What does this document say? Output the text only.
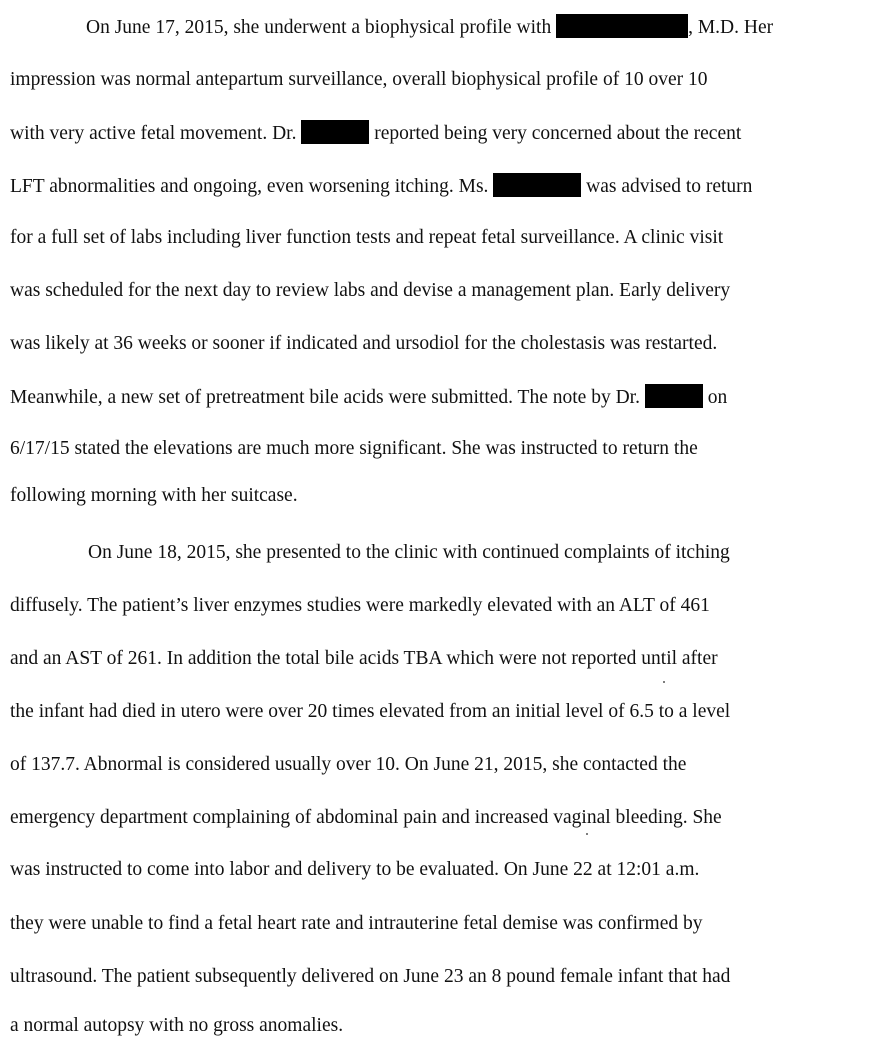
On June 17, 2015, she underwent a biophysical profile with	, M.D. Her
impression was normal antepartum surveillance, overall biophysical profile of 10 over 10
with very active fetal movement. Dr.	reported being very concerned about the recent
LFT abnormalities and ongoing, even worsening itching. Ms.	was advised to return
for a full set of labs including liver function tests and repeat fetal surveillance. A clinic visit
was scheduled for the next day to review labs and devise a management plan. Early delivery
was likely at 36 weeks or sooner if indicated and ursodiol for the cholestasis was restarted.
Meanwhile, a new set of pretreatment bile acids were submitted. The note by Dr.	on
6/17/15 stated the elevations are much more significant. She was instructed to return the
following morning with her suitcase.
On June 18, 2015, she presented to the clinic with continued complaints of itching
diffusely. The patient’s liver enzymes studies were markedly elevated with an ALT of 461
and an AST of 261. In addition the total bile acids TBA which were not reported until after
the infant had died in utero were over 20 times elevated from an initial level of 6.5 to a level
of 137.7. Abnormal is considered usually over 10. On June 21, 2015, she contacted the
emergency department complaining of abdominal pain and increased vaginal bleeding. She
was instructed to come into labor and delivery to be evaluated. On June 22 at 12:01 a.m.
they were unable to find a fetal heart rate and intrauterine fetal demise was confirmed by
ultrasound. The patient subsequently delivered on June 23 an 8 pound female infant that had
a normal autopsy with no gross anomalies.
